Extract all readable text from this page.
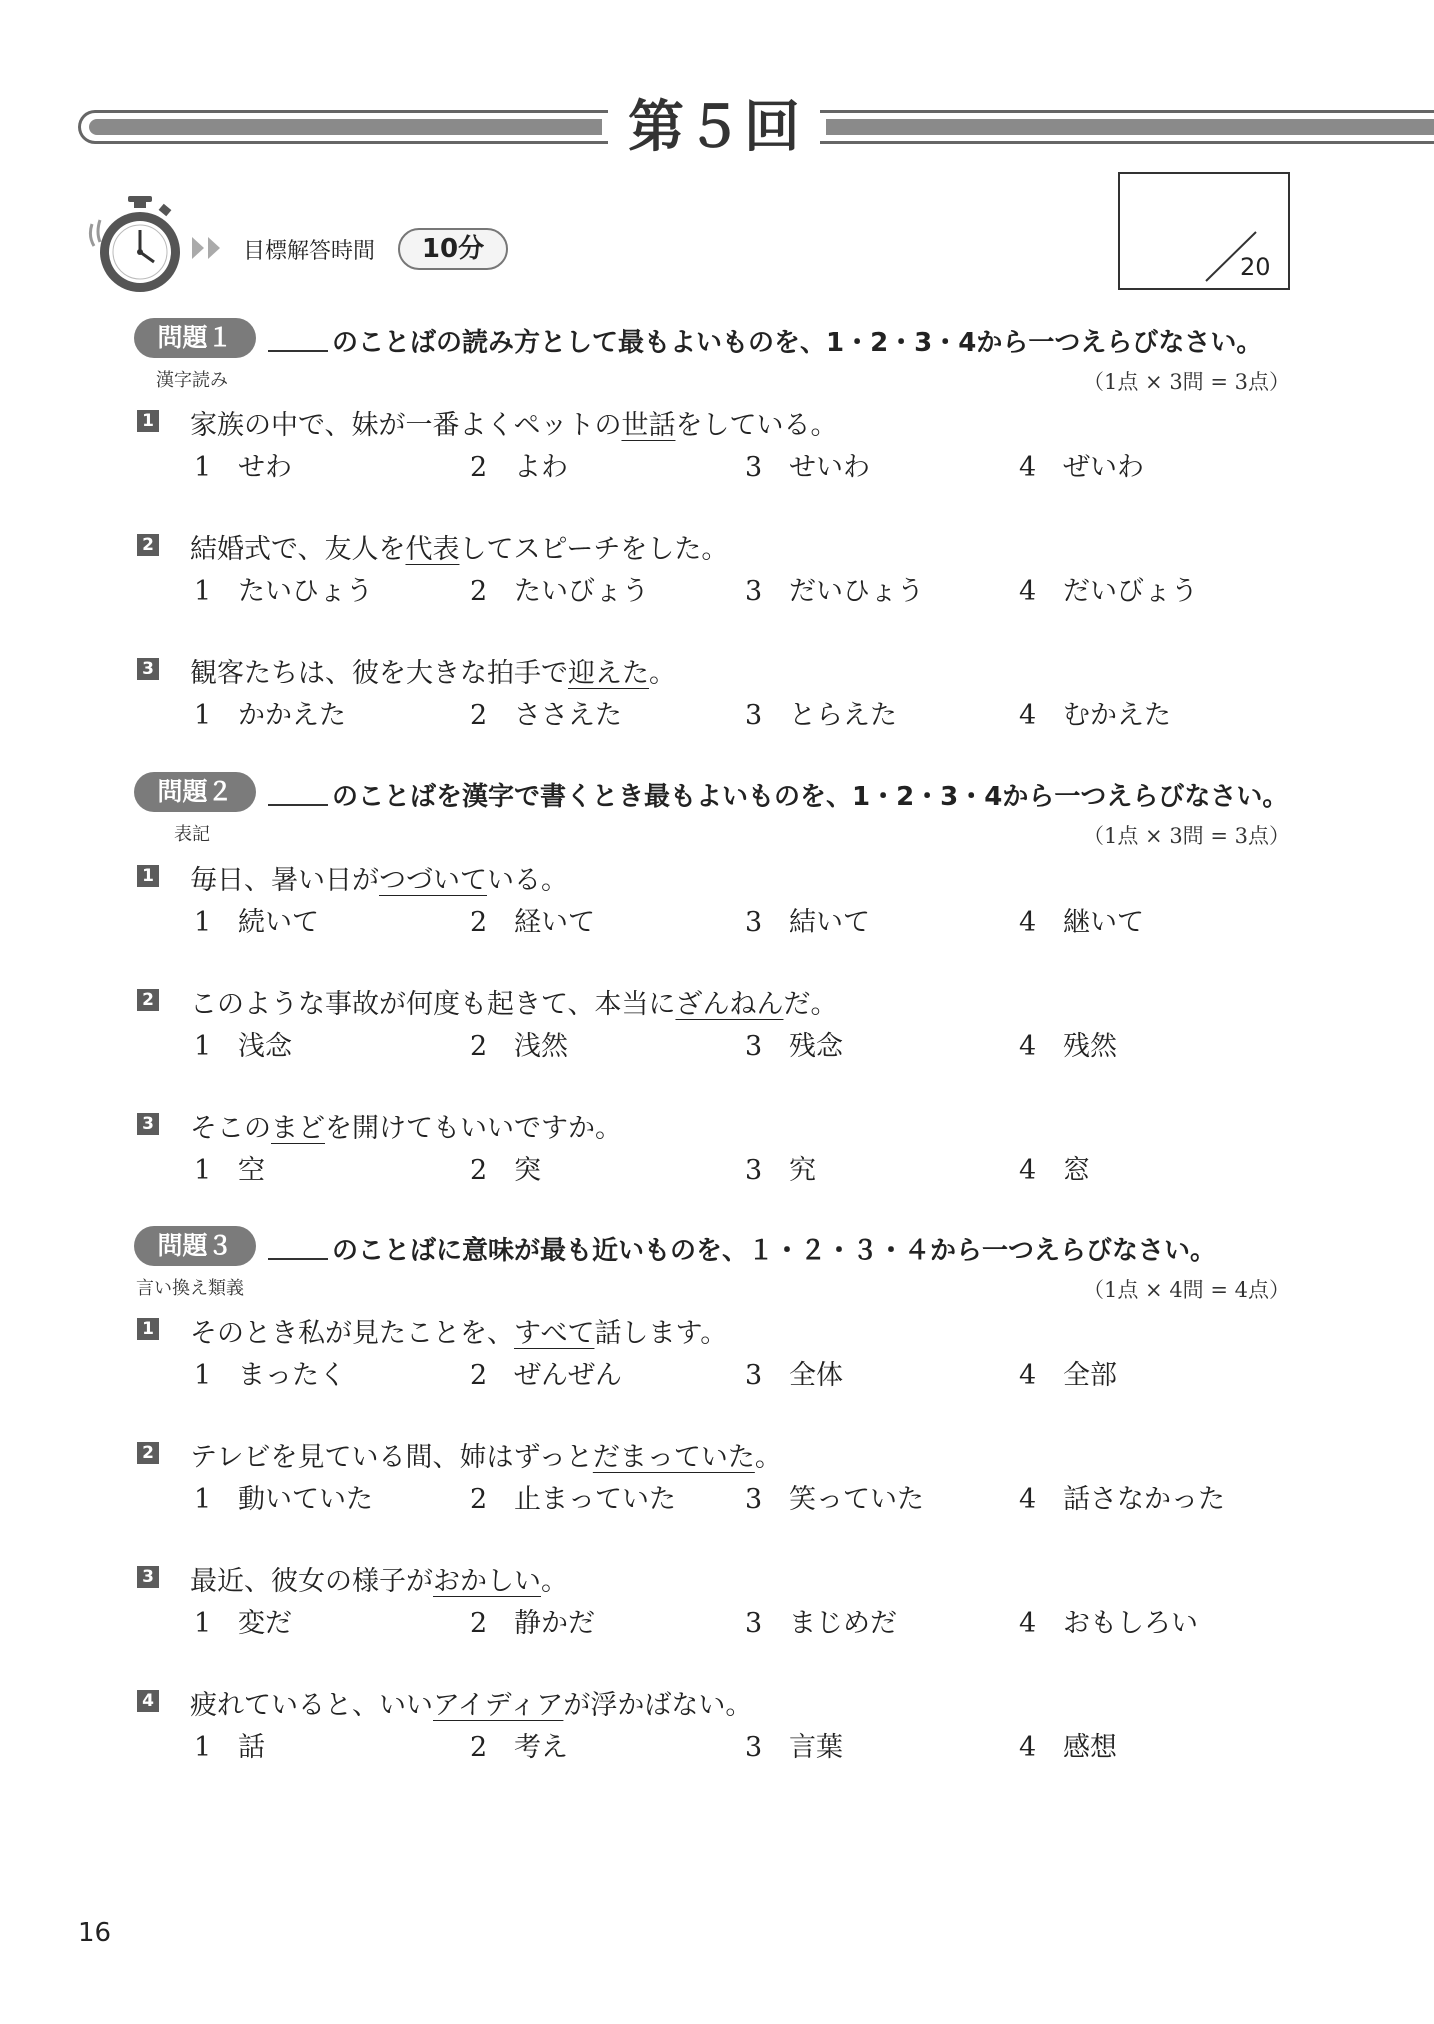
第５回
目標解答時間	10分
20
問題１
漢字読み
のことばの読み方として最もよいものを、1・2・3・4から一つえらびなさい。
（1点 × 3問 = 3点）
1 家族の中で、妹が一番よくペットの世話をしている。
1 せわ	2 よわ	3 せいわ	4 ぜいわ
2 結婚式で、友人を代表してスピーチをした。
1 たいひょう	2 たいびょう	3 だいひょう	4 だいびょう
3 観客たちは、彼を大きな拍手で迎えた。
1 かかえた	2 ささえた	3 とらえた	4 むかえた
問題２
表記
のことばを漢字で書くとき最もよいものを、1・2・3・4から一つえらびなさい。
（1点 × 3問 = 3点）
1 毎日、暑い日がつづいている。
1 続いて	2 経いて	3 結いて	4 継いて
2 このような事故が何度も起きて、本当にざんねんだ。
1 浅念	2 浅然	3 残念	4 残然
3 そこのまどを開けてもいいですか。
1 空	2 突	3 究	4 窓
問題３
言い換え類義
のことばに意味が最も近いものを、１・２・３・４から一つえらびなさい。
（1点 × 4問 = 4点）
1 そのとき私が見たことを、すべて話します。
1 まったく	2 ぜんぜん	3 全体	4 全部
2 テレビを見ている間、姉はずっとだまっていた。
1 動いていた	2 止まっていた	3 笑っていた	4 話さなかった
3 最近、彼女の様子がおかしい。
1 変だ	2 静かだ	3 まじめだ	4 おもしろい
4 疲れていると、いいアイディアが浮かばない。
1 話	2 考え	3 言葉	4 感想
16
